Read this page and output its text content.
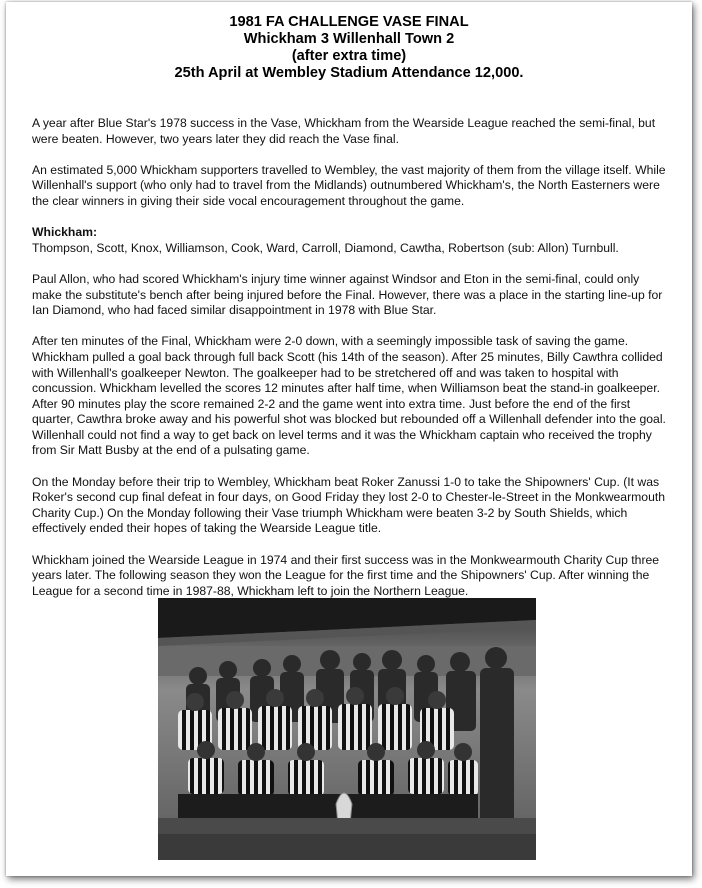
1981 FA CHALLENGE VASE FINAL
Whickham 3 Willenhall Town 2
(after extra time)
25th April at Wembley Stadium Attendance 12,000.

A year after Blue Star's 1978 success in the Vase, Whickham from the Wearside League reached the semi-final, but were beaten. However, two years later they did reach the Vase final.

An estimated 5,000 Whickham supporters travelled to Wembley, the vast majority of them from the village itself. While Willenhall's support (who only had to travel from the Midlands) outnumbered Whickham's, the North Easterners were the clear winners in giving their side vocal encouragement throughout the game.

Whickham:
Thompson, Scott, Knox, Williamson, Cook, Ward, Carroll, Diamond, Cawtha, Robertson (sub: Allon) Turnbull.

Paul Allon, who had scored Whickham's injury time winner against Windsor and Eton in the semi-final, could only make the substitute's bench after being injured before the Final. However, there was a place in the starting line-up for Ian Diamond, who had faced similar disappointment in 1978 with Blue Star.

After ten minutes of the Final, Whickham were 2-0 down, with a seemingly impossible task of saving the game. Whickham pulled a goal back through full back Scott (his 14th of the season). After 25 minutes, Billy Cawthra collided with Willenhall's goalkeeper Newton. The goalkeeper had to be stretchered off and was taken to hospital with concussion. Whickham levelled the scores 12 minutes after half time, when Williamson beat the stand-in goalkeeper. After 90 minutes play the score remained 2-2 and the game went into extra time. Just before the end of the first quarter, Cawthra broke away and his powerful shot was blocked but rebounded off a Willenhall defender into the goal. Willenhall could not find a way to get back on level terms and it was the Whickham captain who received the trophy from Sir Matt Busby at the end of a pulsating game.

On the Monday before their trip to Wembley, Whickham beat Roker Zanussi 1-0 to take the Shipowners' Cup. (It was Roker's second cup final defeat in four days, on Good Friday they lost 2-0 to Chester-le-Street in the Monkwearmouth Charity Cup.) On the Monday following their Vase triumph Whickham were beaten 3-2 by South Shields, which effectively ended their hopes of taking the Wearside League title.

Whickham joined the Wearside League in 1974 and their first success was in the Monkwearmouth Charity Cup three years later. The following season they won the League for the first time and the Shipowners' Cup. After winning the League for a second time in 1987-88, Whickham left to join the Northern League.
